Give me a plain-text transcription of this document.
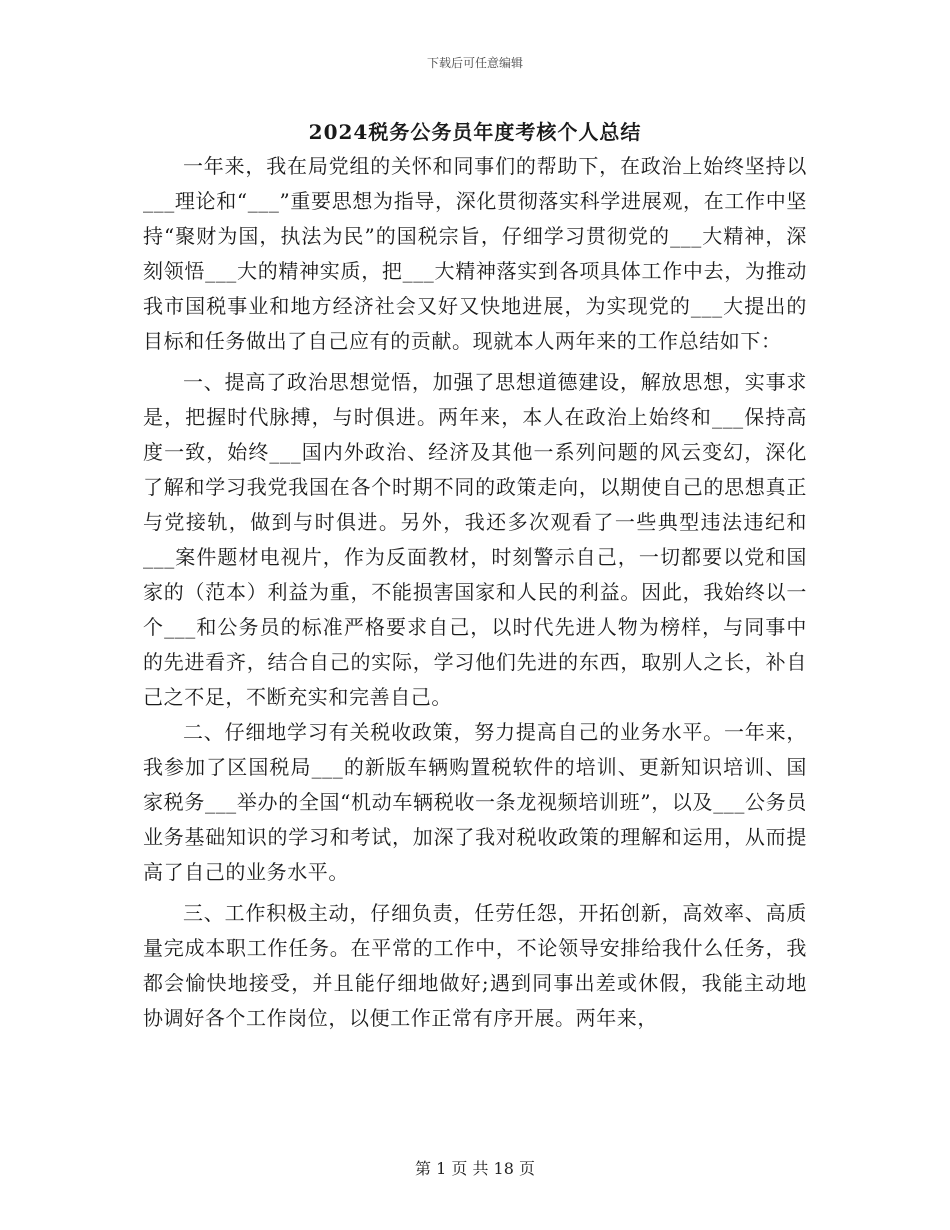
下载后可任意编辑
2024税务公务员年度考核个人总结

一年来，我在局党组的关怀和同事们的帮助下，在政治上始终坚持以___理论和“___”重要思想为指导，深化贯彻落实科学进展观，在工作中坚持“聚财为国，执法为民”的国税宗旨，仔细学习贯彻党的___大精神，深刻领悟___大的精神实质，把___大精神落实到各项具体工作中去，为推动我市国税事业和地方经济社会又好又快地进展，为实现党的___大提出的目标和任务做出了自己应有的贡献。现就本人两年来的工作总结如下：

一、提高了政治思想觉悟，加强了思想道德建设，解放思想，实事求是，把握时代脉搏，与时俱进。两年来，本人在政治上始终和___保持高度一致，始终___国内外政治、经济及其他一系列问题的风云变幻，深化了解和学习我党我国在各个时期不同的政策走向，以期使自己的思想真正与党接轨，做到与时俱进。另外，我还多次观看了一些典型违法违纪和___案件题材电视片，作为反面教材，时刻警示自己，一切都要以党和国家的（范本）利益为重，不能损害国家和人民的利益。因此，我始终以一个___和公务员的标准严格要求自己，以时代先进人物为榜样，与同事中的先进看齐，结合自己的实际，学习他们先进的东西，取别人之长，补自己之不足，不断充实和完善自己。

二、仔细地学习有关税收政策，努力提高自己的业务水平。一年来，我参加了区国税局___的新版车辆购置税软件的培训、更新知识培训、国家税务___举办的全国“机动车辆税收一条龙视频培训班”，以及___公务员业务基础知识的学习和考试，加深了我对税收政策的理解和运用，从而提高了自己的业务水平。

三、工作积极主动，仔细负责，任劳任怨，开拓创新，高效率、高质量完成本职工作任务。在平常的工作中，不论领导安排给我什么任务，我都会愉快地接受，并且能仔细地做好;遇到同事出差或休假，我能主动地协调好各个工作岗位，以便工作正常有序开展。两年来，

第 1 页 共 18 页
